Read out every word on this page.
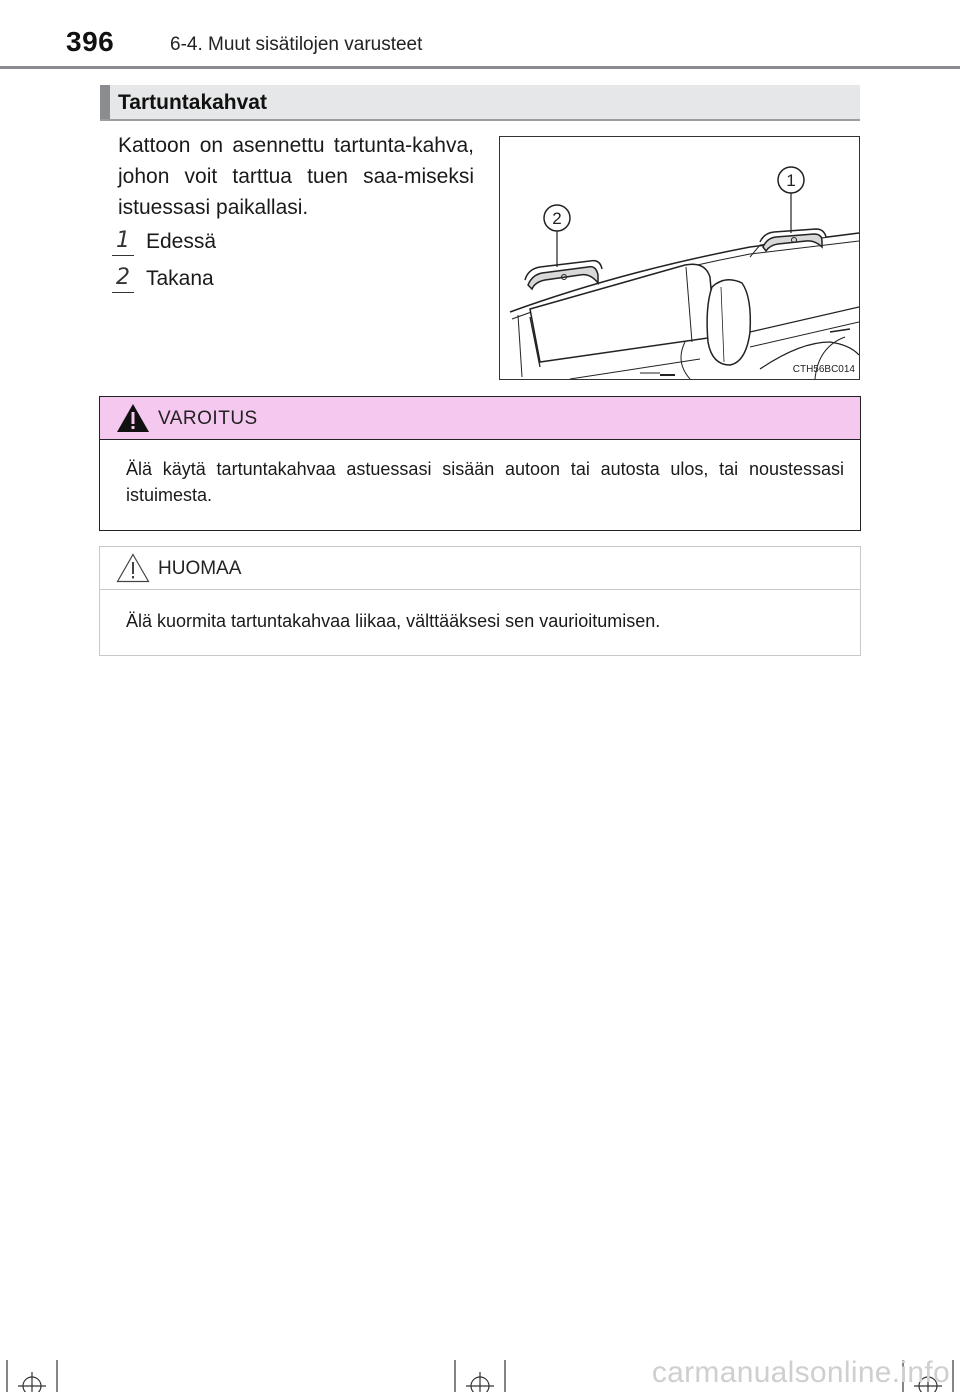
396	6-4. Muut sisätilojen varusteet
Tartuntakahvat
Kattoon on asennettu tartunta-kahva, johon voit tarttua tuen saa-miseksi istuessasi paikallasi.
1 Edessä
2 Takana
2
1
CTH56BC014
VAROITUS
Älä käytä tartuntakahvaa astuessasi sisään autoon tai autosta ulos, tai noustessasi istuimesta.
HUOMAA
Älä kuormita tartuntakahvaa liikaa, välttääksesi sen vaurioitumisen.
carmanualsonline.info
